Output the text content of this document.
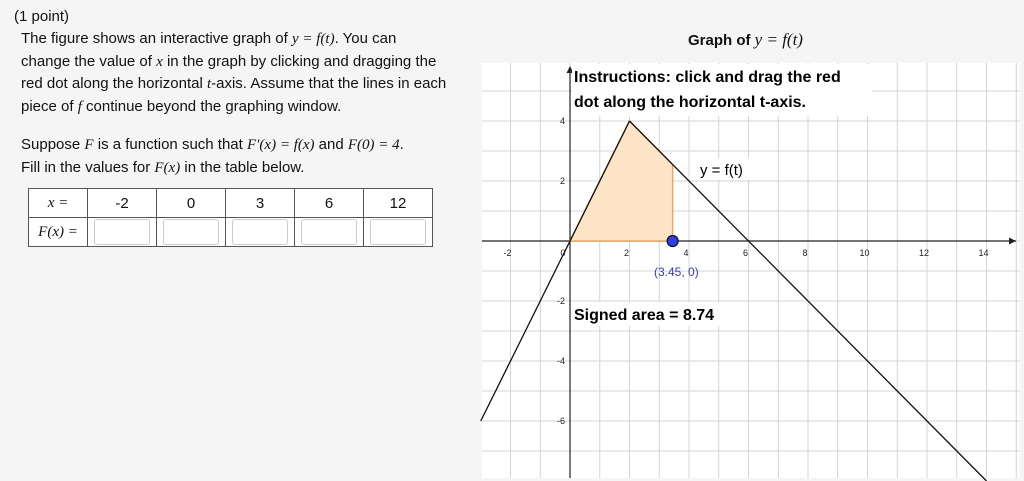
(1 point)
The figure shows an interactive graph of y = f(t). You can
change the value of x in the graph by clicking and dragging the
red dot along the horizontal t-axis. Assume that the lines in each
piece of f continue beyond the graphing window.
Suppose F is a function such that F′(x) = f(x) and F(0) = 4.
Fill in the values for F(x) in the table below.
x =	-2	0	3	6	12
F(x) =	

Graph of y = f(t)
-2	0	2	4	6	8	10	12	14
4
2
-2
-4
-6
Instructions: click and drag the red
dot along the horizontal t-axis.
y = f(t)
(3.45, 0)
Signed area = 8.74
